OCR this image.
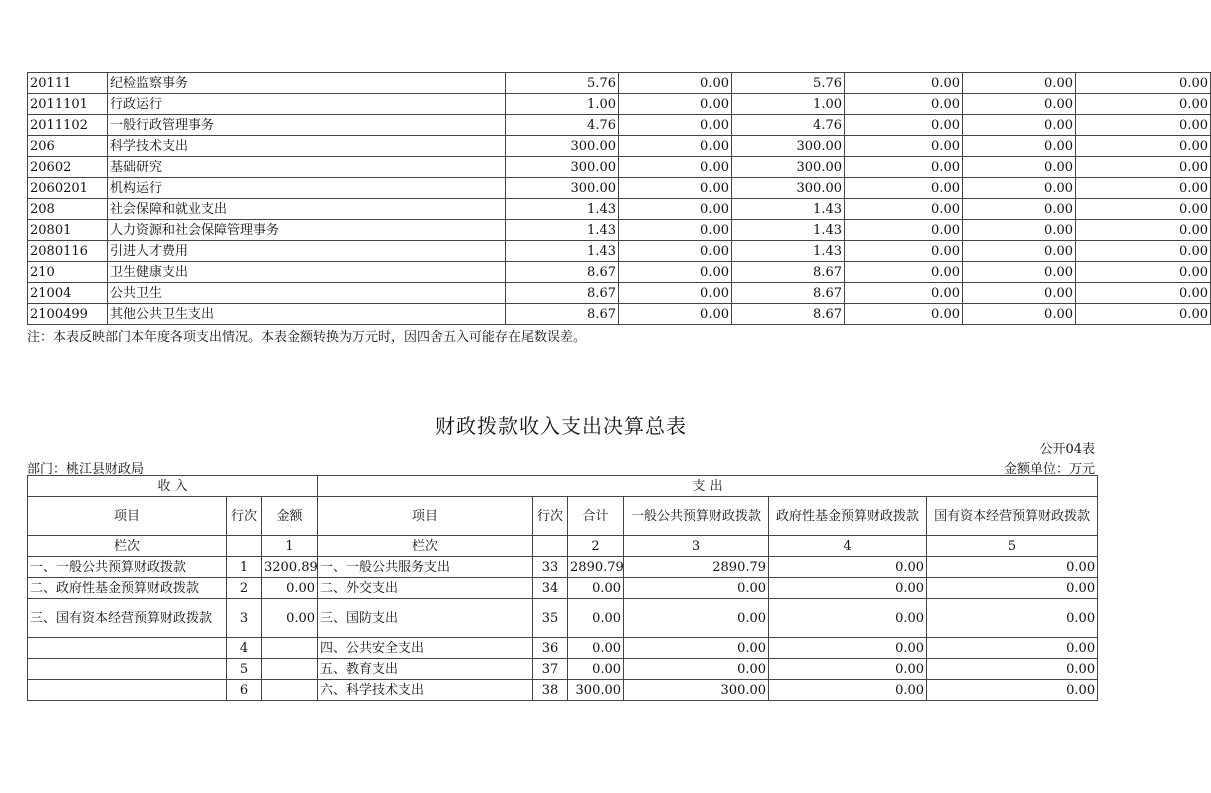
20111	纪检监察事务	5.76	0.00	5.76	0.00	0.00	0.00
2011101	行政运行	1.00	0.00	1.00	0.00	0.00	0.00
2011102	一般行政管理事务	4.76	0.00	4.76	0.00	0.00	0.00
206	科学技术支出	300.00	0.00	300.00	0.00	0.00	0.00
20602	基础研究	300.00	0.00	300.00	0.00	0.00	0.00
2060201	机构运行	300.00	0.00	300.00	0.00	0.00	0.00
208	社会保障和就业支出	1.43	0.00	1.43	0.00	0.00	0.00
20801	人力资源和社会保障管理事务	1.43	0.00	1.43	0.00	0.00	0.00
2080116	引进人才费用	1.43	0.00	1.43	0.00	0.00	0.00
210	卫生健康支出	8.67	0.00	8.67	0.00	0.00	0.00
21004	公共卫生	8.67	0.00	8.67	0.00	0.00	0.00
2100499	其他公共卫生支出	8.67	0.00	8.67	0.00	0.00	0.00
注：本表反映部门本年度各项支出情况。本表金额转换为万元时，因四舍五入可能存在尾数误差。
财政拨款收入支出决算总表
公开04表
部门：桃江县财政局	金额单位：万元
收 入			支 出					
项目	行次	金额	项目	行次	合计	一般公共预算财政拨款	政府性基金预算财政拨款	国有资本经营预算财政拨款
栏次		1	栏次		2	3	4	5
一、一般公共预算财政拨款	1	3200.89	一、一般公共服务支出	33	2890.79	2890.79	0.00	0.00
二、政府性基金预算财政拨款	2	0.00	二、外交支出	34	0.00	0.00	0.00	0.00
三、国有资本经营预算财政拨款	3	0.00	三、国防支出	35	0.00	0.00	0.00	0.00
	4		四、公共安全支出	36	0.00	0.00	0.00	0.00
	5		五、教育支出	37	0.00	0.00	0.00	0.00
	6		六、科学技术支出	38	300.00	300.00	0.00	0.00
